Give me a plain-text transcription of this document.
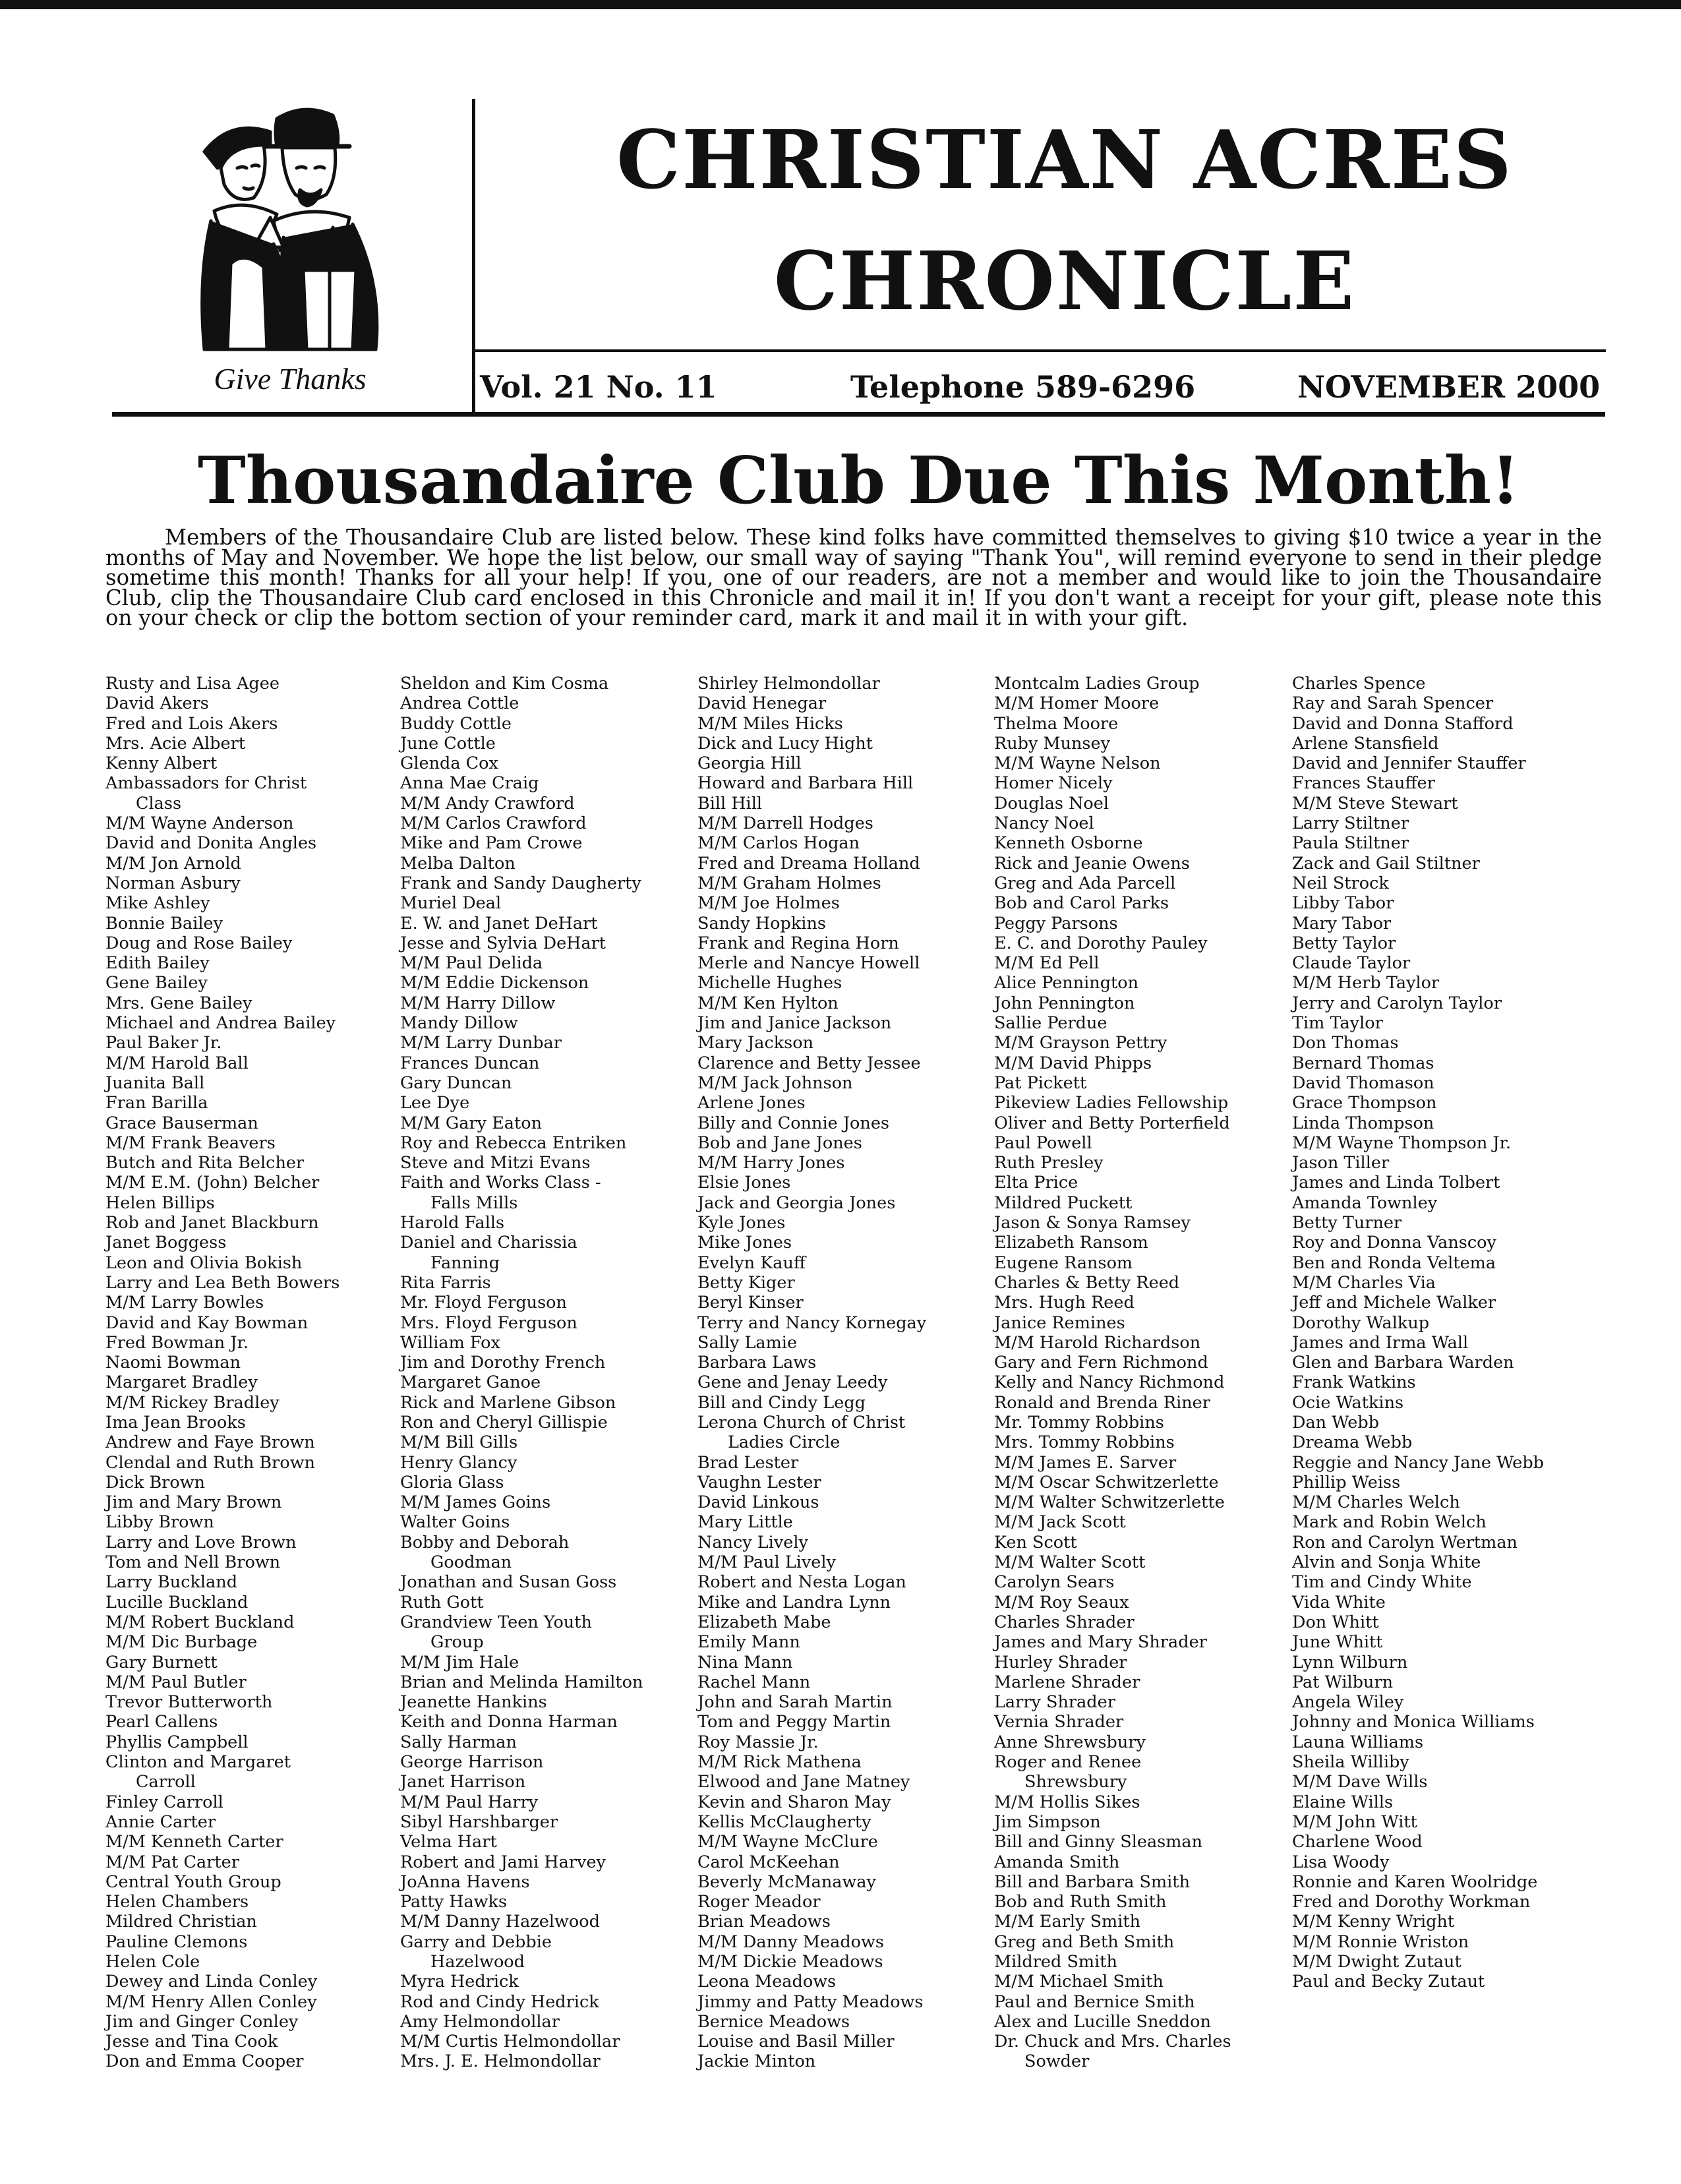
Give Thanks
CHRISTIAN ACRES
CHRONICLE
Vol. 21 No. 11	Telephone 589-6296	NOVEMBER 2000
Thousandaire Club Due This Month!

Members of the Thousandaire Club are listed below. These kind folks have committed themselves to giving $10 twice a year in the months of May and November. We hope the list below, our small way of saying "Thank You", will remind everyone to send in their pledge sometime this month! Thanks for all your help! If you, one of our readers, are not a member and would like to join the Thousandaire Club, clip the Thousandaire Club card enclosed in this Chronicle and mail it in! If you don't want a receipt for your gift, please note this on your check or clip the bottom section of your reminder card, mark it and mail it in with your gift.

Rusty and Lisa Agee
David Akers
Fred and Lois Akers
Mrs. Acie Albert
Kenny Albert
Ambassadors for Christ
Class
M/M Wayne Anderson
David and Donita Angles
M/M Jon Arnold
Norman Asbury
Mike Ashley
Bonnie Bailey
Doug and Rose Bailey
Edith Bailey
Gene Bailey
Mrs. Gene Bailey
Michael and Andrea Bailey
Paul Baker Jr.
M/M Harold Ball
Juanita Ball
Fran Barilla
Grace Bauserman
M/M Frank Beavers
Butch and Rita Belcher
M/M E.M. (John) Belcher
Helen Billips
Rob and Janet Blackburn
Janet Boggess
Leon and Olivia Bokish
Larry and Lea Beth Bowers
M/M Larry Bowles
David and Kay Bowman
Fred Bowman Jr.
Naomi Bowman
Margaret Bradley
M/M Rickey Bradley
Ima Jean Brooks
Andrew and Faye Brown
Clendal and Ruth Brown
Dick Brown
Jim and Mary Brown
Libby Brown
Larry and Love Brown
Tom and Nell Brown
Larry Buckland
Lucille Buckland
M/M Robert Buckland
M/M Dic Burbage
Gary Burnett
M/M Paul Butler
Trevor Butterworth
Pearl Callens
Phyllis Campbell
Clinton and Margaret
Carroll
Finley Carroll
Annie Carter
M/M Kenneth Carter
M/M Pat Carter
Central Youth Group
Helen Chambers
Mildred Christian
Pauline Clemons
Helen Cole
Dewey and Linda Conley
M/M Henry Allen Conley
Jim and Ginger Conley
Jesse and Tina Cook
Don and Emma Cooper
Sheldon and Kim Cosma
Andrea Cottle
Buddy Cottle
June Cottle
Glenda Cox
Anna Mae Craig
M/M Andy Crawford
M/M Carlos Crawford
Mike and Pam Crowe
Melba Dalton
Frank and Sandy Daugherty
Muriel Deal
E. W. and Janet DeHart
Jesse and Sylvia DeHart
M/M Paul Delida
M/M Eddie Dickenson
M/M Harry Dillow
Mandy Dillow
M/M Larry Dunbar
Frances Duncan
Gary Duncan
Lee Dye
M/M Gary Eaton
Roy and Rebecca Entriken
Steve and Mitzi Evans
Faith and Works Class -
Falls Mills
Harold Falls
Daniel and Charissia
Fanning
Rita Farris
Mr. Floyd Ferguson
Mrs. Floyd Ferguson
William Fox
Jim and Dorothy French
Margaret Ganoe
Rick and Marlene Gibson
Ron and Cheryl Gillispie
M/M Bill Gills
Henry Glancy
Gloria Glass
M/M James Goins
Walter Goins
Bobby and Deborah
Goodman
Jonathan and Susan Goss
Ruth Gott
Grandview Teen Youth
Group
M/M Jim Hale
Brian and Melinda Hamilton
Jeanette Hankins
Keith and Donna Harman
Sally Harman
George Harrison
Janet Harrison
M/M Paul Harry
Sibyl Harshbarger
Velma Hart
Robert and Jami Harvey
JoAnna Havens
Patty Hawks
M/M Danny Hazelwood
Garry and Debbie
Hazelwood
Myra Hedrick
Rod and Cindy Hedrick
Amy Helmondollar
M/M Curtis Helmondollar
Mrs. J. E. Helmondollar
Shirley Helmondollar
David Henegar
M/M Miles Hicks
Dick and Lucy Hight
Georgia Hill
Howard and Barbara Hill
Bill Hill
M/M Darrell Hodges
M/M Carlos Hogan
Fred and Dreama Holland
M/M Graham Holmes
M/M Joe Holmes
Sandy Hopkins
Frank and Regina Horn
Merle and Nancye Howell
Michelle Hughes
M/M Ken Hylton
Jim and Janice Jackson
Mary Jackson
Clarence and Betty Jessee
M/M Jack Johnson
Arlene Jones
Billy and Connie Jones
Bob and Jane Jones
M/M Harry Jones
Elsie Jones
Jack and Georgia Jones
Kyle Jones
Mike Jones
Evelyn Kauff
Betty Kiger
Beryl Kinser
Terry and Nancy Kornegay
Sally Lamie
Barbara Laws
Gene and Jenay Leedy
Bill and Cindy Legg
Lerona Church of Christ
Ladies Circle
Brad Lester
Vaughn Lester
David Linkous
Mary Little
Nancy Lively
M/M Paul Lively
Robert and Nesta Logan
Mike and Landra Lynn
Elizabeth Mabe
Emily Mann
Nina Mann
Rachel Mann
John and Sarah Martin
Tom and Peggy Martin
Roy Massie Jr.
M/M Rick Mathena
Elwood and Jane Matney
Kevin and Sharon May
Kellis McClaugherty
M/M Wayne McClure
Carol McKeehan
Beverly McManaway
Roger Meador
Brian Meadows
M/M Danny Meadows
M/M Dickie Meadows
Leona Meadows
Jimmy and Patty Meadows
Bernice Meadows
Louise and Basil Miller
Jackie Minton
Montcalm Ladies Group
M/M Homer Moore
Thelma Moore
Ruby Munsey
M/M Wayne Nelson
Homer Nicely
Douglas Noel
Nancy Noel
Kenneth Osborne
Rick and Jeanie Owens
Greg and Ada Parcell
Bob and Carol Parks
Peggy Parsons
E. C. and Dorothy Pauley
M/M Ed Pell
Alice Pennington
John Pennington
Sallie Perdue
M/M Grayson Pettry
M/M David Phipps
Pat Pickett
Pikeview Ladies Fellowship
Oliver and Betty Porterfield
Paul Powell
Ruth Presley
Elta Price
Mildred Puckett
Jason & Sonya Ramsey
Elizabeth Ransom
Eugene Ransom
Charles & Betty Reed
Mrs. Hugh Reed
Janice Remines
M/M Harold Richardson
Gary and Fern Richmond
Kelly and Nancy Richmond
Ronald and Brenda Riner
Mr. Tommy Robbins
Mrs. Tommy Robbins
M/M James E. Sarver
M/M Oscar Schwitzerlette
M/M Walter Schwitzerlette
M/M Jack Scott
Ken Scott
M/M Walter Scott
Carolyn Sears
M/M Roy Seaux
Charles Shrader
James and Mary Shrader
Hurley Shrader
Marlene Shrader
Larry Shrader
Vernia Shrader
Anne Shrewsbury
Roger and Renee
Shrewsbury
M/M Hollis Sikes
Jim Simpson
Bill and Ginny Sleasman
Amanda Smith
Bill and Barbara Smith
Bob and Ruth Smith
M/M Early Smith
Greg and Beth Smith
Mildred Smith
M/M Michael Smith
Paul and Bernice Smith
Alex and Lucille Sneddon
Dr. Chuck and Mrs. Charles
Sowder
Charles Spence
Ray and Sarah Spencer
David and Donna Stafford
Arlene Stansfield
David and Jennifer Stauffer
Frances Stauffer
M/M Steve Stewart
Larry Stiltner
Paula Stiltner
Zack and Gail Stiltner
Neil Strock
Libby Tabor
Mary Tabor
Betty Taylor
Claude Taylor
M/M Herb Taylor
Jerry and Carolyn Taylor
Tim Taylor
Don Thomas
Bernard Thomas
David Thomason
Grace Thompson
Linda Thompson
M/M Wayne Thompson Jr.
Jason Tiller
James and Linda Tolbert
Amanda Townley
Betty Turner
Roy and Donna Vanscoy
Ben and Ronda Veltema
M/M Charles Via
Jeff and Michele Walker
Dorothy Walkup
James and Irma Wall
Glen and Barbara Warden
Frank Watkins
Ocie Watkins
Dan Webb
Dreama Webb
Reggie and Nancy Jane Webb
Phillip Weiss
M/M Charles Welch
Mark and Robin Welch
Ron and Carolyn Wertman
Alvin and Sonja White
Tim and Cindy White
Vida White
Don Whitt
June Whitt
Lynn Wilburn
Pat Wilburn
Angela Wiley
Johnny and Monica Williams
Launa Williams
Sheila Williby
M/M Dave Wills
Elaine Wills
M/M John Witt
Charlene Wood
Lisa Woody
Ronnie and Karen Woolridge
Fred and Dorothy Workman
M/M Kenny Wright
M/M Ronnie Wriston
M/M Dwight Zutaut
Paul and Becky Zutaut
